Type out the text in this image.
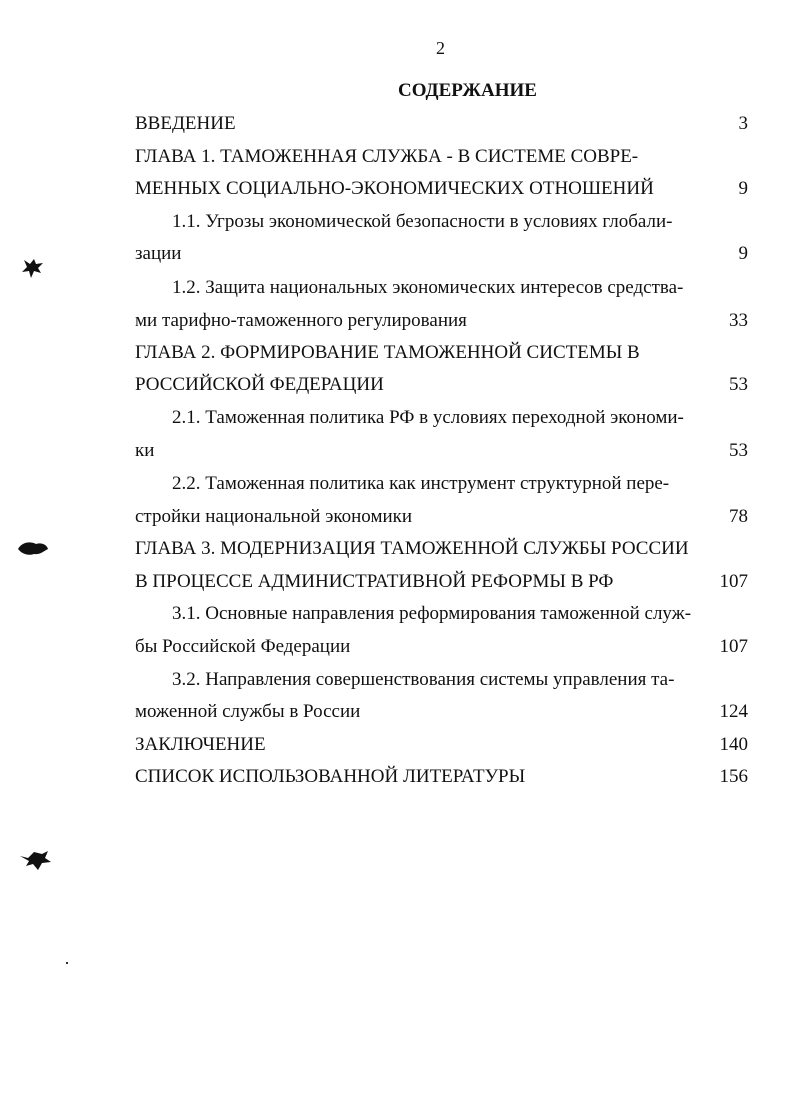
2
СОДЕРЖАНИЕ
ВВЕДЕНИЕ	3
ГЛАВА 1. ТАМОЖЕННАЯ СЛУЖБА - В СИСТЕМЕ СОВРЕ-
МЕННЫХ СОЦИАЛЬНО-ЭКОНОМИЧЕСКИХ ОТНОШЕНИЙ	9
1.1. Угрозы экономической безопасности в условиях глобали-
зации	9
1.2. Защита национальных экономических интересов средства-
ми тарифно-таможенного регулирования	33
ГЛАВА 2. ФОРМИРОВАНИЕ ТАМОЖЕННОЙ СИСТЕМЫ В
РОССИЙСКОЙ ФЕДЕРАЦИИ	53
2.1. Таможенная политика РФ в условиях переходной экономи-
ки	53
2.2. Таможенная политика как инструмент структурной пере-
стройки национальной экономики	78
ГЛАВА 3. МОДЕРНИЗАЦИЯ ТАМОЖЕННОЙ СЛУЖБЫ РОССИИ
В ПРОЦЕССЕ АДМИНИСТРАТИВНОЙ РЕФОРМЫ В РФ	107
3.1. Основные направления реформирования таможенной служ-
бы Российской Федерации	107
3.2. Направления совершенствования системы управления та-
моженной службы в России	124
ЗАКЛЮЧЕНИЕ	140
СПИСОК ИСПОЛЬЗОВАННОЙ ЛИТЕРАТУРЫ	156
